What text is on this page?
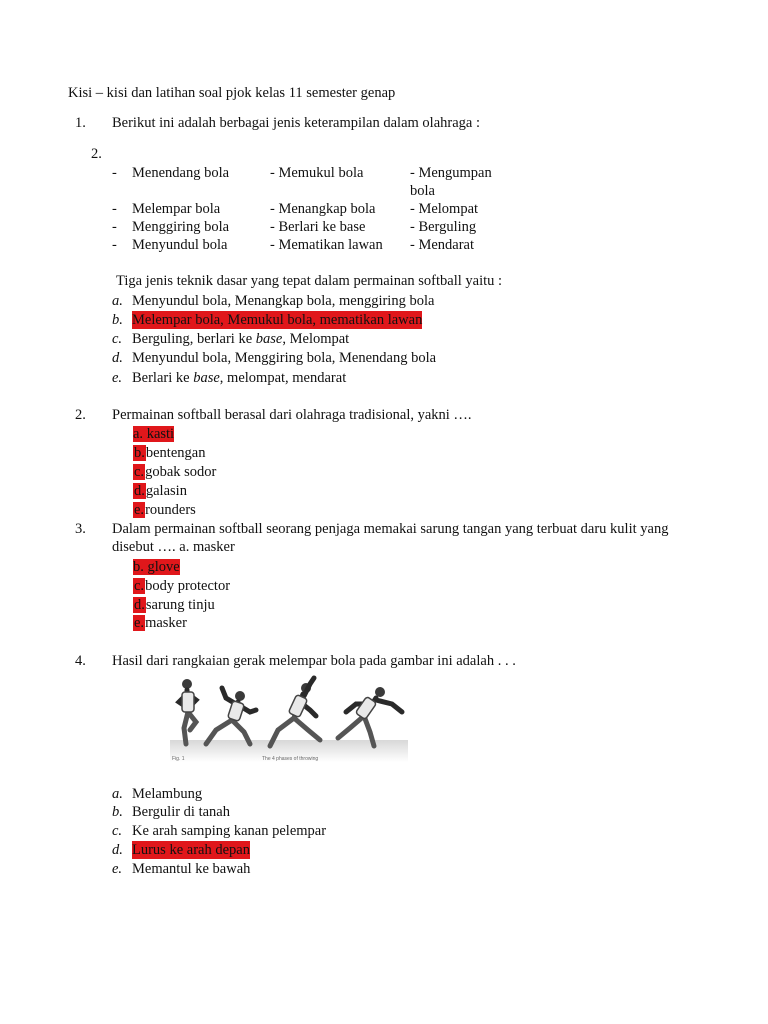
Kisi – kisi dan latihan soal pjok kelas 11 semester genap
1. Berikut ini adalah berbagai jenis keterampilan dalam olahraga :
2.
- Menendang bola	- Memukul bola	- Mengumpan
bola
- Melempar bola	- Menangkap bola - Melompat
- Menggiring bola	- Berlari ke base	- Berguling
- Menyundul bola	- Mematikan lawan - Mendarat
Tiga jenis teknik dasar yang tepat dalam permainan softball yaitu :
a. Menyundul bola, Menangkap bola, menggiring bola
b. Melempar bola, Memukul bola, mematikan lawan
c. Berguling, berlari ke base, Melompat
d. Menyundul bola, Menggiring bola, Menendang bola
e. Berlari ke base, melompat, mendarat
2. Permainan softball berasal dari olahraga tradisional, yakni ….
a. kasti
b.bentengan
c.gobak sodor
d.galasin
e.rounders
3. Dalam permainan softball seorang penjaga memakai sarung tangan yang terbuat daru kulit yang
disebut …. a. masker
b. glove
c.body protector
d.sarung tinju
e.masker
4. Hasil dari rangkaian gerak melempar bola pada gambar ini adalah . . .
Fig. 1	The 4 phases of throwing
a. Melambung
b. Bergulir di tanah
c. Ke arah samping kanan pelempar
d. Lurus ke arah depan
e. Memantul ke bawah
